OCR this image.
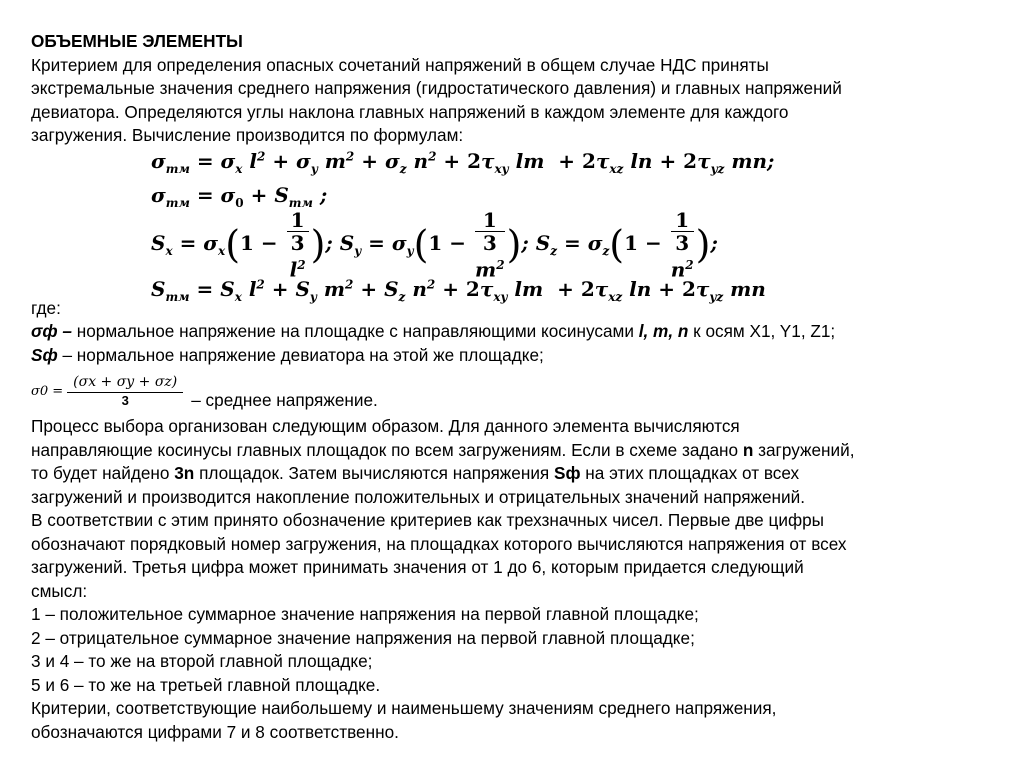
ОБЪЕМНЫЕ ЭЛЕМЕНТЫ
Критерием для определения опасных сочетаний напряжений в общем случае НДС приняты
экстремальные значения среднего напряжения (гидростатического давления) и главных напряжений
девиатора. Определяются углы наклона главных напряжений в каждом элементе для каждого
загружения. Вычисление производится по формулам:
$\sigma_{тм} = \sigma_x$ $l^2 + \sigma_y$ $m^2 + \sigma_z$ $n^2 + 2\tau_{xy}$ lm  + $2\tau_{xz}$ $\ln + 2\tau_{yz}$ mn;
$\sigma_{тм} = \sigma_0 + S_{тм}$ ;
$S_x = \sigma_x(1 - 1$
3
$l^2$ ); $S_y = \sigma_y(1 - 1$
3
$m^2$ ); $S_z = \sigma_z(1 - 1$
3
$n^2$ );
$S_{тм} = S_x$ $l^2 + S_y$ $m^2 + S_z$ $n^2 + 2\tau_{xy}$ lm  + $2\tau_{xz}$ $\ln + 2\tau_{yz}$ mn
где:
σф – нормальное напряжение на площадке с направляющими косинусами l, m, n к осям X1, Y1, Z1;
Sф – нормальное напряжение девиатора на этой же площадке;
$\sigma 0 = \frac{(\sigma x + \sigma y + \sigma z)}{3}$ – среднее напряжение.
Процесс выбора организован следующим образом. Для данного элемента вычисляются
направляющие косинусы главных площадок по всем загружениям. Если в схеме задано n загружений,
то будет найдено 3n площадок. Затем вычисляются напряжения Sф на этих площадках от всех
загружений и производится накопление положительных и отрицательных значений напряжений.
В соответствии с этим принято обозначение критериев как трехзначных чисел. Первые две цифры
обозначают порядковый номер загружения, на площадках которого вычисляются напряжения от всех
загружений. Третья цифра может принимать значения от 1 до 6, которым придается следующий
смысл:
1 – положительное суммарное значение напряжения на первой главной площадке;
2 – отрицательное суммарное значение напряжения на первой главной площадке;
3 и 4 – то же на второй главной площадке;
5 и 6 – то же на третьей главной площадке.
Критерии, соответствующие наибольшему и наименьшему значениям среднего напряжения,
обозначаются цифрами 7 и 8 соответственно.
